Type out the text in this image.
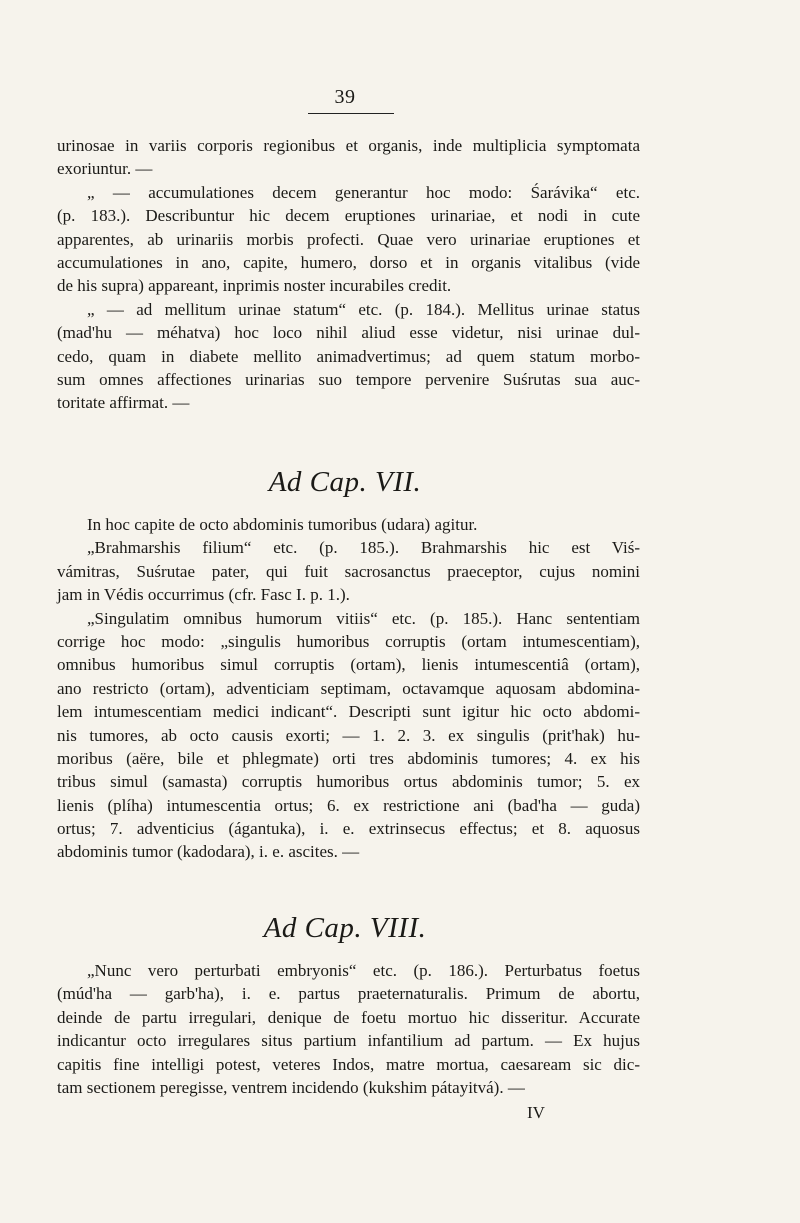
39
urinosae in variis corporis regionibus et organis, inde multiplicia symptomata
exoriuntur. —
„ — accumulationes decem generantur hoc modo: Śarávika“ etc.
(p. 183.). Describuntur hic decem eruptiones urinariae, et nodi in cute
apparentes, ab urinariis morbis profecti. Quae vero urinariae eruptiones et
accumulationes in ano, capite, humero, dorso et in organis vitalibus (vide
de his supra) appareant, inprimis noster incurabiles credit.
„ — ad mellitum urinae statum“ etc. (p. 184.). Mellitus urinae status
(mad'hu — méhatva) hoc loco nihil aliud esse videtur, nisi urinae dul-
cedo, quam in diabete mellito animadvertimus; ad quem statum morbo-
sum omnes affectiones urinarias suo tempore pervenire Suśrutas sua auc-
toritate affirmat. —
Ad Cap. VII.
In hoc capite de octo abdominis tumoribus (udara) agitur.
„Brahmarshis filium“ etc. (p. 185.). Brahmarshis hic est Viś-
vámitras, Suśrutae pater, qui fuit sacrosanctus praeceptor, cujus nomini
jam in Védis occurrimus (cfr. Fasc I. p. 1.).
„Singulatim omnibus humorum vitiis“ etc. (p. 185.). Hanc sententiam
corrige hoc modo: „singulis humoribus corruptis (ortam intumescentiam),
omnibus humoribus simul corruptis (ortam), lienis intumescentiâ (ortam),
ano restricto (ortam), adventiciam septimam, octavamque aquosam abdomina-
lem intumescentiam medici indicant“. Descripti sunt igitur hic octo abdomi-
nis tumores, ab octo causis exorti; — 1. 2. 3. ex singulis (prit'hak) hu-
moribus (aëre, bile et phlegmate) orti tres abdominis tumores; 4. ex his
tribus simul (samasta) corruptis humoribus ortus abdominis tumor; 5. ex
lienis (plíha) intumescentia ortus; 6. ex restrictione ani (bad'ha — guda)
ortus; 7. adventicius (ágantuka), i. e. extrinsecus effectus; et 8. aquosus
abdominis tumor (kadodara), i. e. ascites. —
Ad Cap. VIII.
„Nunc vero perturbati embryonis“ etc. (p. 186.). Perturbatus foetus
(múd'ha — garb'ha), i. e. partus praeternaturalis. Primum de abortu,
deinde de partu irregulari, denique de foetu mortuo hic disseritur. Accurate
indicantur octo irregulares situs partium infantilium ad partum. — Ex hujus
capitis fine intelligi potest, veteres Indos, matre mortua, caesaream sic dic-
tam sectionem peregisse, ventrem incidendo (kukshim pátayitvá). —
IV
